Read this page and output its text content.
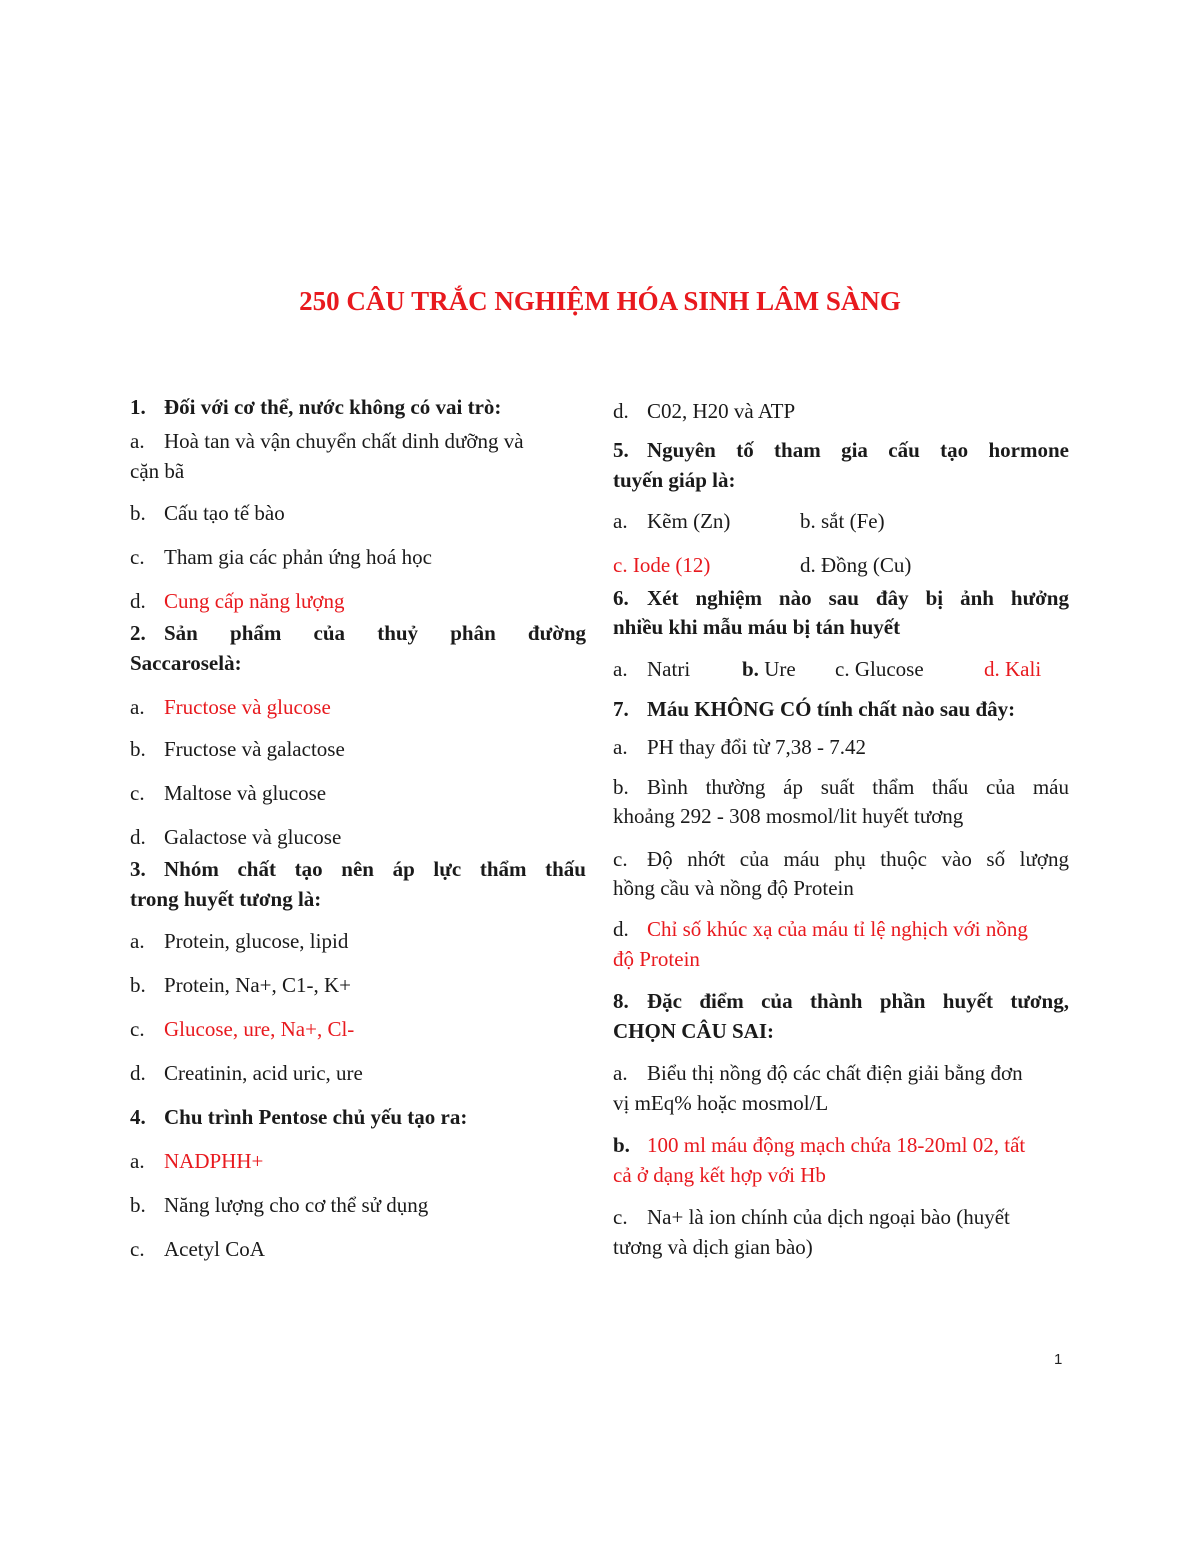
250 CÂU TRẮC NGHIỆM HÓA SINH LÂM SÀNG
1. Đối với cơ thể, nước không có vai trò:
a. Hoà tan và vận chuyển chất dinh dưỡng và
cặn bã
b. Cấu tạo tế bào
c. Tham gia các phản ứng hoá học
d. Cung cấp năng lượng
2. Sản phẩm của thuỷ phân đường
Saccaroselà:
a. Fructose và glucose
b. Fructose và galactose
c. Maltose và glucose
d. Galactose và glucose
3. Nhóm chất tạo nên áp lực thẩm thấu
trong huyết tương là:
a. Protein, glucose, lipid
b. Protein, Na+, C1-, K+
c. Glucose, ure, Na+, Cl-
d. Creatinin, acid uric, ure
4. Chu trình Pentose chủ yếu tạo ra:
a. NADPHH+
b. Năng lượng cho cơ thể sử dụng
c. Acetyl CoA
d. C02, H20 và ATP
5. Nguyên tố tham gia cấu tạo hormone
tuyến giáp là:
a. Kẽm (Zn)	b. sắt (Fe)
c. Iode (12)	d. Đồng (Cu)
6. Xét nghiệm nào sau đây bị ảnh hưởng
nhiều khi mẫu máu bị tán huyết
a. Natri b. Ure c. Glucose	d. Kali
7. Máu KHÔNG CÓ tính chất nào sau đây:
a. PH thay đổi từ 7,38 - 7.42
b. Bình thường áp suất thẩm thấu của máu
khoảng 292 - 308 mosmol/lit huyết tương
c. Độ nhớt của máu phụ thuộc vào số lượng
hồng cầu và nồng độ Protein
d. Chỉ số khúc xạ của máu tỉ lệ nghịch với nồng
độ Protein
8. Đặc điểm của thành phần huyết tương,
CHỌN CÂU SAI:
a. Biểu thị nồng độ các chất điện giải bằng đơn
vị mEq% hoặc mosmol/L
b. 100 ml máu động mạch chứa 18-20ml 02, tất
cả ở dạng kết hợp với Hb
c. Na+ là ion chính của dịch ngoại bào (huyết
tương và dịch gian bào)
1
